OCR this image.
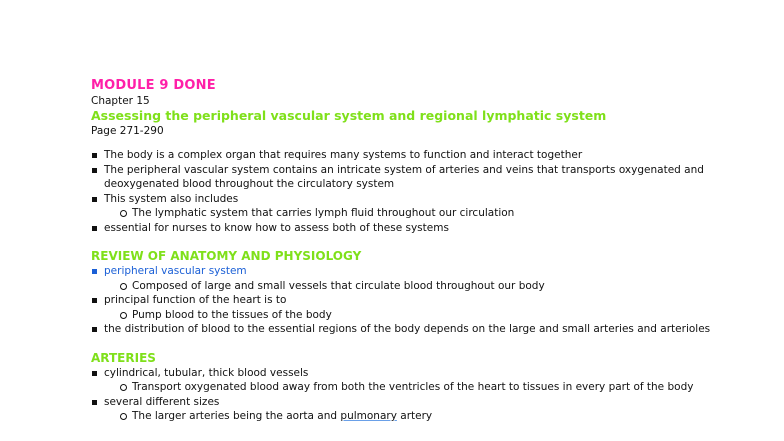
MODULE 9 DONE
Chapter 15
Assessing the peripheral vascular system and regional lymphatic system
Page 271-290
The body is a complex organ that requires many systems to function and interact together
The peripheral vascular system contains an intricate system of arteries and veins that transports oxygenated and
deoxygenated blood throughout the circulatory system
This system also includes
The lymphatic system that carries lymph fluid throughout our circulation
essential for nurses to know how to assess both of these systems
REVIEW OF ANATOMY AND PHYSIOLOGY
peripheral vascular system
Composed of large and small vessels that circulate blood throughout our body
principal function of the heart is to
Pump blood to the tissues of the body
the distribution of blood to the essential regions of the body depends on the large and small arteries and arterioles
ARTERIES
cylindrical, tubular, thick blood vessels
Transport oxygenated blood away from both the ventricles of the heart to tissues in every part of the body
several different sizes
The larger arteries being the aorta and pulmonary artery
